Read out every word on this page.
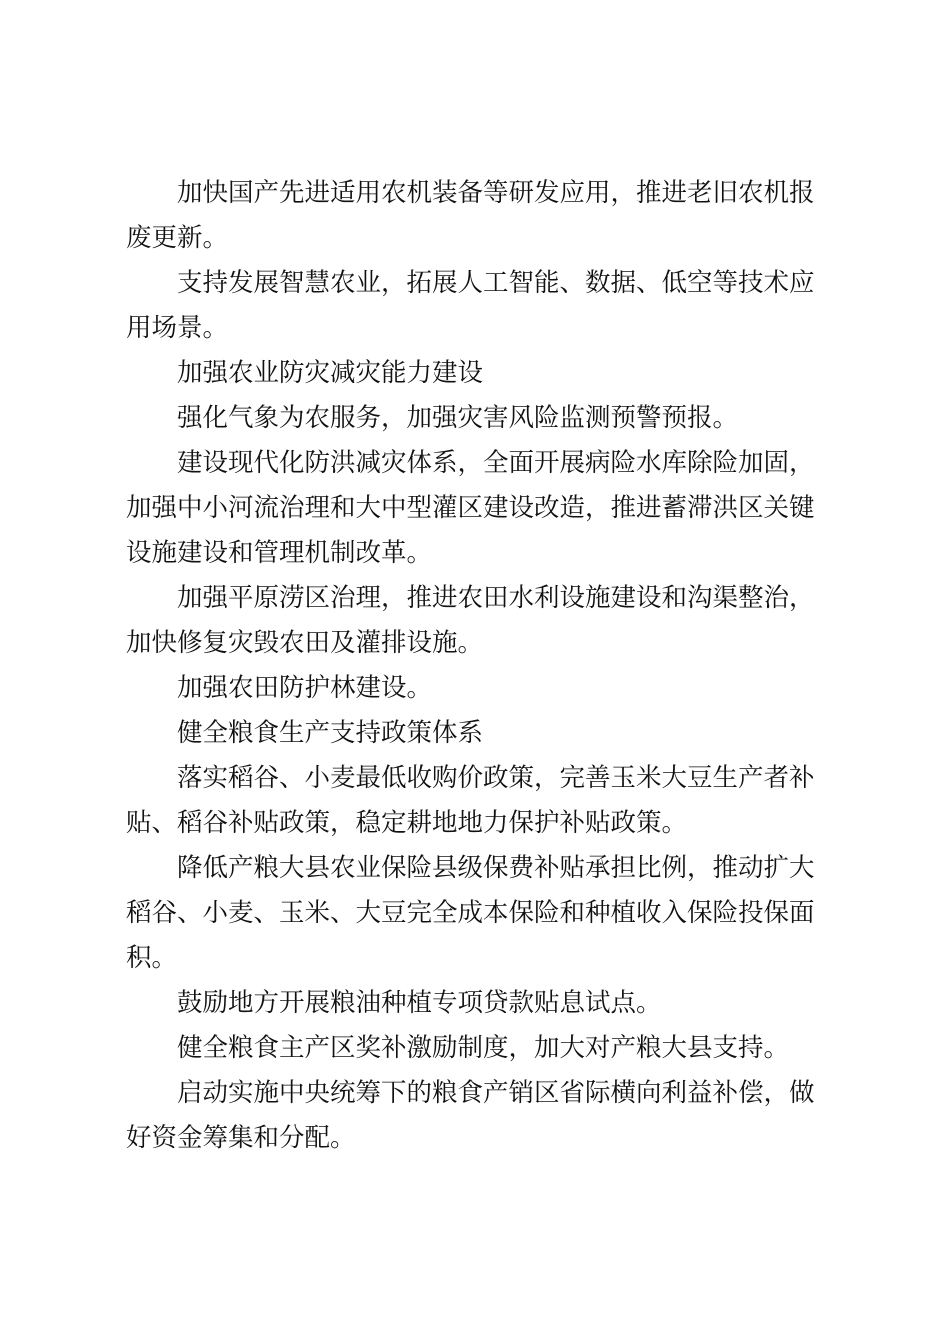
加快国产先进适用农机装备等研发应用，推进老旧农机报废更新。

支持发展智慧农业，拓展人工智能、数据、低空等技术应用场景。

加强农业防灾减灾能力建设

强化气象为农服务，加强灾害风险监测预警预报。

建设现代化防洪减灾体系，全面开展病险水库除险加固，加强中小河流治理和大中型灌区建设改造，推进蓄滞洪区关键设施建设和管理机制改革。

加强平原涝区治理，推进农田水利设施建设和沟渠整治，加快修复灾毁农田及灌排设施。

加强农田防护林建设。

健全粮食生产支持政策体系

落实稻谷、小麦最低收购价政策，完善玉米大豆生产者补贴、稻谷补贴政策，稳定耕地地力保护补贴政策。

降低产粮大县农业保险县级保费补贴承担比例，推动扩大稻谷、小麦、玉米、大豆完全成本保险和种植收入保险投保面积。

鼓励地方开展粮油种植专项贷款贴息试点。

健全粮食主产区奖补激励制度，加大对产粮大县支持。

启动实施中央统筹下的粮食产销区省际横向利益补偿，做好资金筹集和分配。
